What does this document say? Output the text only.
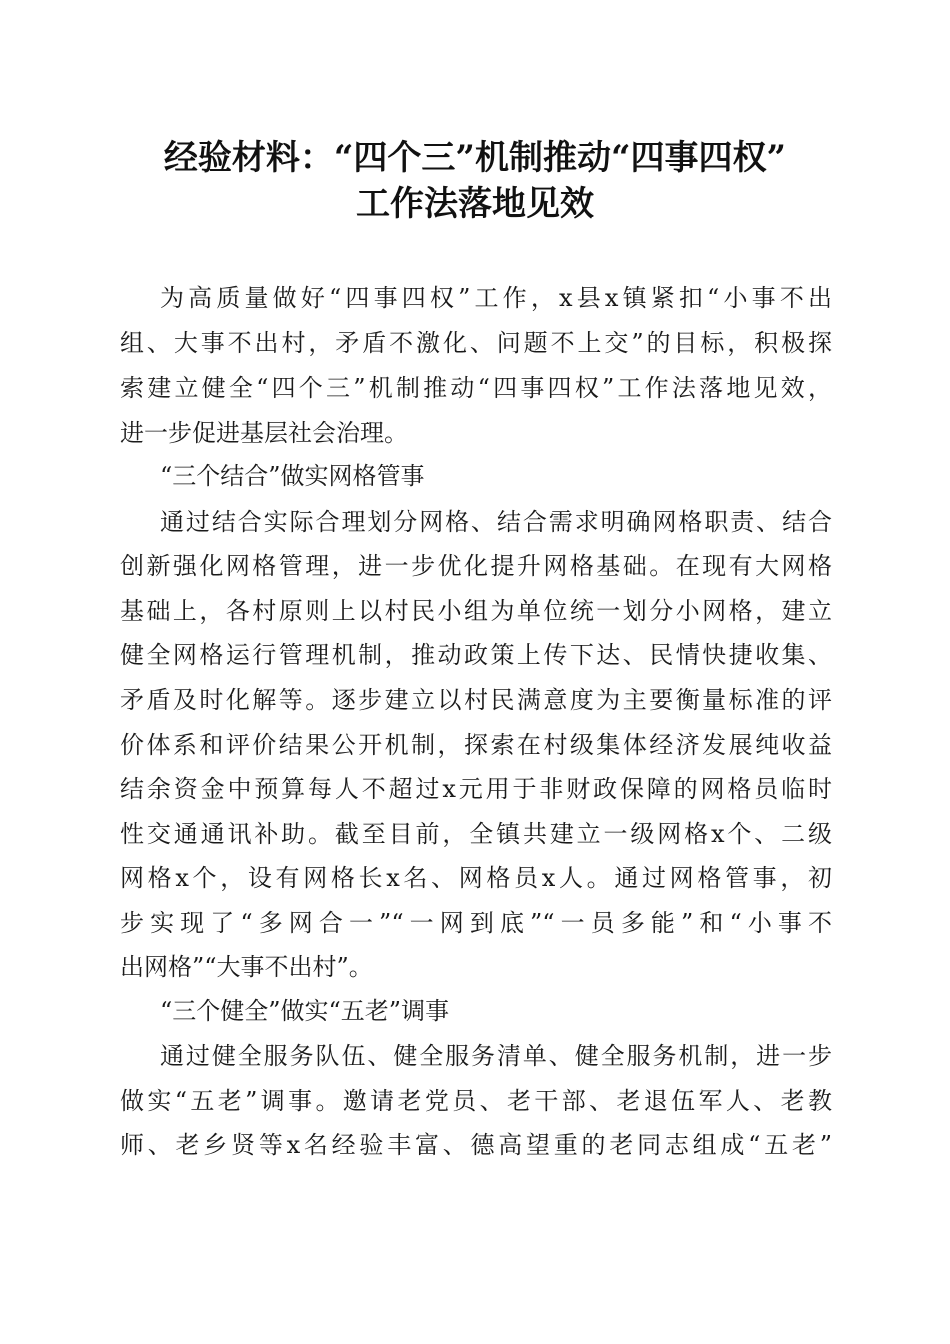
经验材料：“四个三”机制推动“四事四权”
工作法落地见效
为高质量做好“四事四权”工作，x县x镇紧扣“小事不出
组、大事不出村，矛盾不激化、问题不上交”的目标，积极探
索建立健全“四个三”机制推动“四事四权”工作法落地见效，
进一步促进基层社会治理。
“三个结合”做实网格管事
通过结合实际合理划分网格、结合需求明确网格职责、结合
创新强化网格管理，进一步优化提升网格基础。在现有大网格
基础上，各村原则上以村民小组为单位统一划分小网格，建立
健全网格运行管理机制，推动政策上传下达、民情快捷收集、
矛盾及时化解等。逐步建立以村民满意度为主要衡量标准的评
价体系和评价结果公开机制，探索在村级集体经济发展纯收益
结余资金中预算每人不超过x元用于非财政保障的网格员临时
性交通通讯补助。截至目前，全镇共建立一级网格x个、二级
网格x个，设有网格长x名、网格员x人。通过网格管事，初
步实现了“多网合一”“一网到底”“一员多能”和“小事不
出网格”“大事不出村”。
“三个健全”做实“五老”调事
通过健全服务队伍、健全服务清单、健全服务机制，进一步
做实“五老”调事。邀请老党员、老干部、老退伍军人、老教
师、老乡贤等x名经验丰富、德高望重的老同志组成“五老”
